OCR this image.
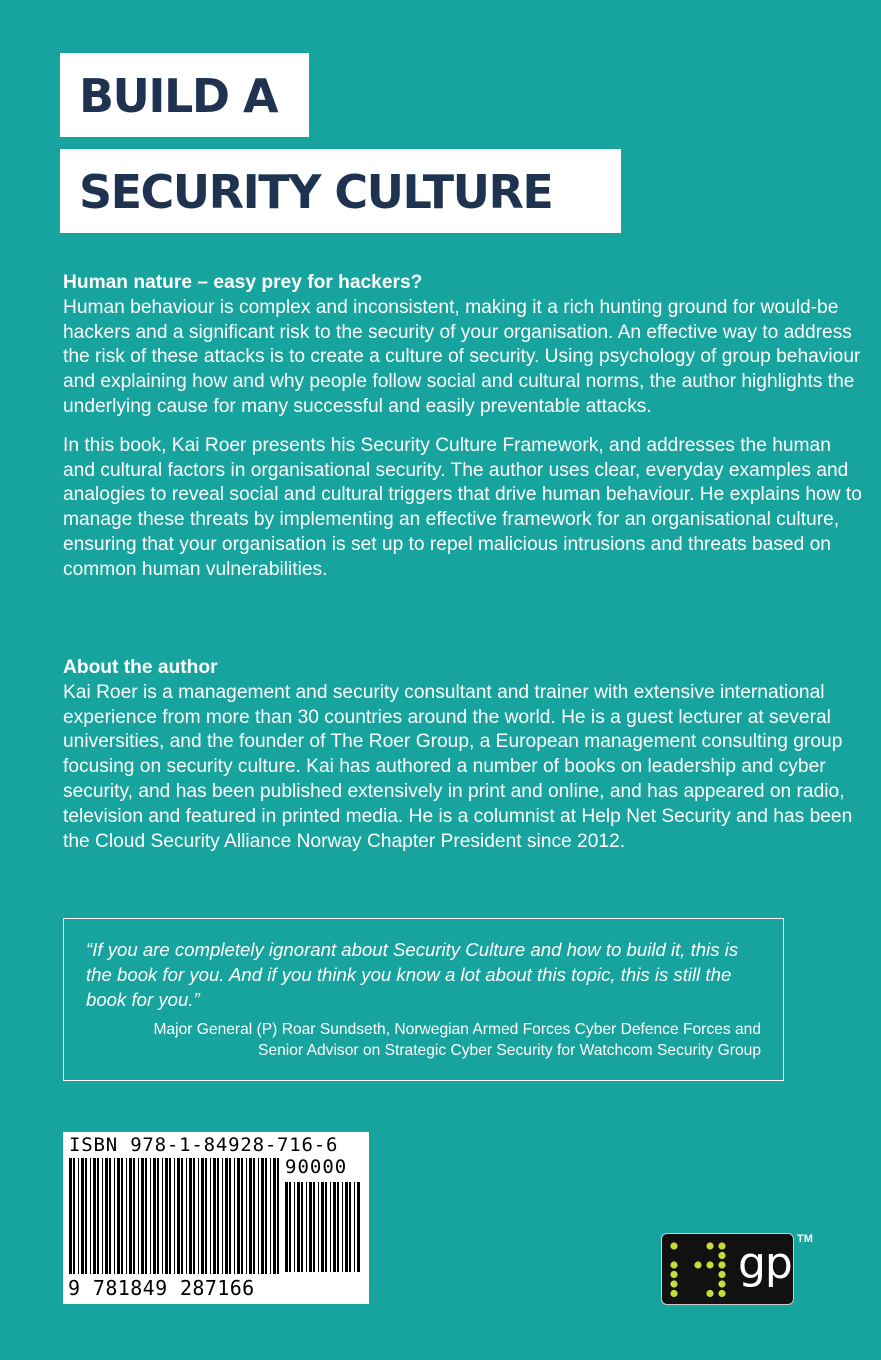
BUILD A
SECURITY CULTURE
Human nature – easy prey for hackers?

Human behaviour is complex and inconsistent, making it a rich hunting ground for would-be hackers and a significant risk to the security of your organisation. An effective way to address the risk of these attacks is to create a culture of security. Using psychology of group behaviour and explaining how and why people follow social and cultural norms, the author highlights the underlying cause for many successful and easily preventable attacks.

In this book, Kai Roer presents his Security Culture Framework, and addresses the human and cultural factors in organisational security. The author uses clear, everyday examples and analogies to reveal social and cultural triggers that drive human behaviour. He explains how to manage these threats by implementing an effective framework for an organisational culture, ensuring that your organisation is set up to repel malicious intrusions and threats based on common human vulnerabilities.

About the author

Kai Roer is a management and security consultant and trainer with extensive international experience from more than 30 countries around the world. He is a guest lecturer at several universities, and the founder of The Roer Group, a European management consulting group focusing on security culture. Kai has authored a number of books on leadership and cyber security, and has been published extensively in print and online, and has appeared on radio, television and featured in printed media. He is a columnist at Help Net Security and has been the Cloud Security Alliance Norway Chapter President since 2012.

“If you are completely ignorant about Security Culture and how to build it, this is the book for you. And if you think you know a lot about this topic, this is still the book for you.”

Major General (P) Roar Sundseth, Norwegian Armed Forces Cyber Defence Forces and
Senior Advisor on Strategic Cyber Security for Watchcom Security Group
ISBN 978-1-84928-716-6
90000
9 781849 287166	gp TM
